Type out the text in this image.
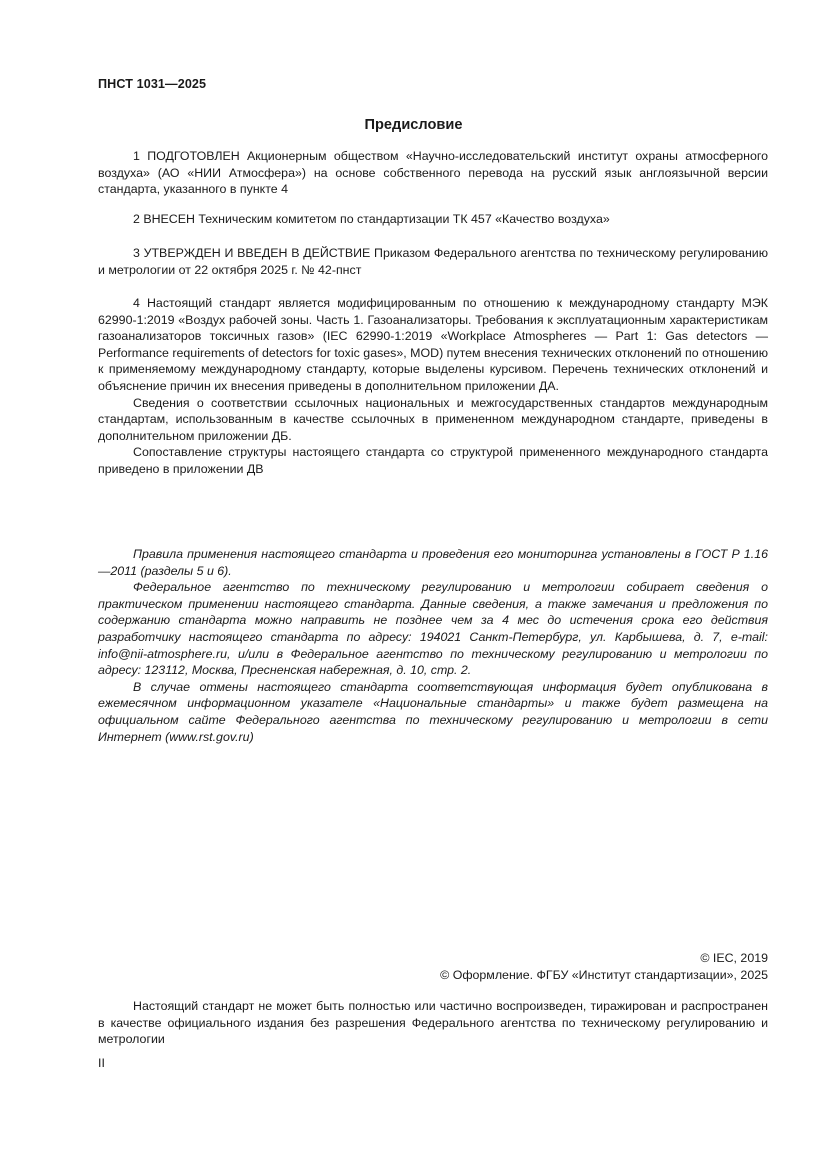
ПНСТ 1031—2025
Предисловие

1 ПОДГОТОВЛЕН Акционерным обществом «Научно-исследовательский институт охраны атмосферного воздуха» (АО «НИИ Атмосфера») на основе собственного перевода на русский язык англоязычной версии стандарта, указанного в пункте 4

2 ВНЕСЕН Техническим комитетом по стандартизации ТК 457 «Качество воздуха»

3 УТВЕРЖДЕН И ВВЕДЕН В ДЕЙСТВИЕ Приказом Федерального агентства по техническому регулированию и метрологии от 22 октября 2025 г. № 42-пнст

4 Настоящий стандарт является модифицированным по отношению к международному стандарту МЭК 62990-1:2019 «Воздух рабочей зоны. Часть 1. Газоанализаторы. Требования к эксплуатационным характеристикам газоанализаторов токсичных газов» (IEC 62990-1:2019 «Workplace Atmospheres — Part 1: Gas detectors — Performance requirements of detectors for toxic gases», MOD) путем внесения технических отклонений по отношению к применяемому международному стандарту, которые выделены курсивом. Перечень технических отклонений и объяснение причин их внесения приведены в дополнительном приложении ДА.

Сведения о соответствии ссылочных национальных и межгосударственных стандартов международным стандартам, использованным в качестве ссылочных в примененном международном стандарте, приведены в дополнительном приложении ДБ.

Сопоставление структуры настоящего стандарта со структурой примененного международного стандарта приведено в приложении ДВ

Правила применения настоящего стандарта и проведения его мониторинга установлены в ГОСТ Р 1.16—2011 (разделы 5 и 6).

Федеральное агентство по техническому регулированию и метрологии собирает сведения о практическом применении настоящего стандарта. Данные сведения, а также замечания и предложения по содержанию стандарта можно направить не позднее чем за 4 мес до истечения срока его действия разработчику настоящего стандарта по адресу: 194021 Санкт-Петербург, ул. Карбышева, д. 7, e-mail: info@nii-atmosphere.ru, и/или в Федеральное агентство по техническому регулированию и метрологии по адресу: 123112, Москва, Пресненская набережная, д. 10, стр. 2.

В случае отмены настоящего стандарта соответствующая информация будет опубликована в ежемесячном информационном указателе «Национальные стандарты» и также будет размещена на официальном сайте Федерального агентства по техническому регулированию и метрологии в сети Интернет (www.rst.gov.ru)

© IEC, 2019
© Оформление. ФГБУ «Институт стандартизации», 2025

Настоящий стандарт не может быть полностью или частично воспроизведен, тиражирован и распространен в качестве официального издания без разрешения Федерального агентства по техническому регулированию и метрологии

II
